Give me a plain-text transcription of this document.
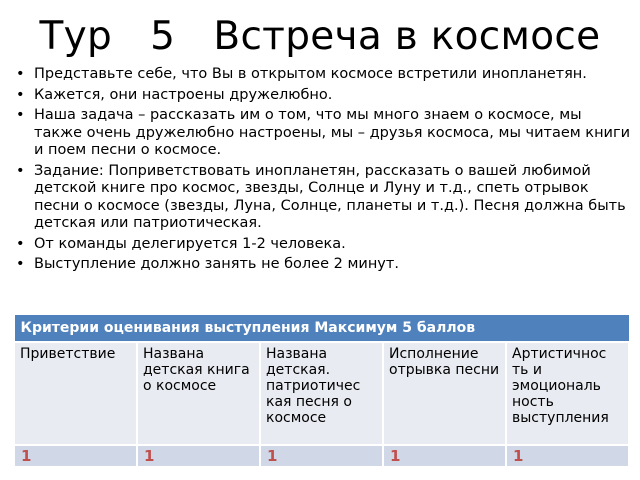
Тур   5   Встреча в космосе
• Представьте себе, что Вы в открытом космосе встретили инопланетян.
• Кажется, они настроены дружелюбно.
• Наша задача – рассказать им о том, что мы много знаем о космосе, мы также очень дружелюбно настроены, мы – друзья космоса, мы читаем книги и поем песни о космосе.
• Задание: Поприветствовать инопланетян, рассказать о вашей любимой детской книге про космос, звезды, Солнце и Луну и т.д., спеть отрывок песни о космосе (звезды, Луна, Солнце, планеты и т.д.). Песня должна быть детская или патриотическая.
• От команды делегируется 1-2 человека.
• Выступление должно занять не более 2 минут.
Критерии оценивания выступления Максимум 5 баллов				
Приветствие	Названа детская книга о космосе	Названа детская. патриотичес кая песня о космосе	Исполнение отрывка песни	Артистичнос ть и эмоциональ ность выступления
1	1	1	1	1
